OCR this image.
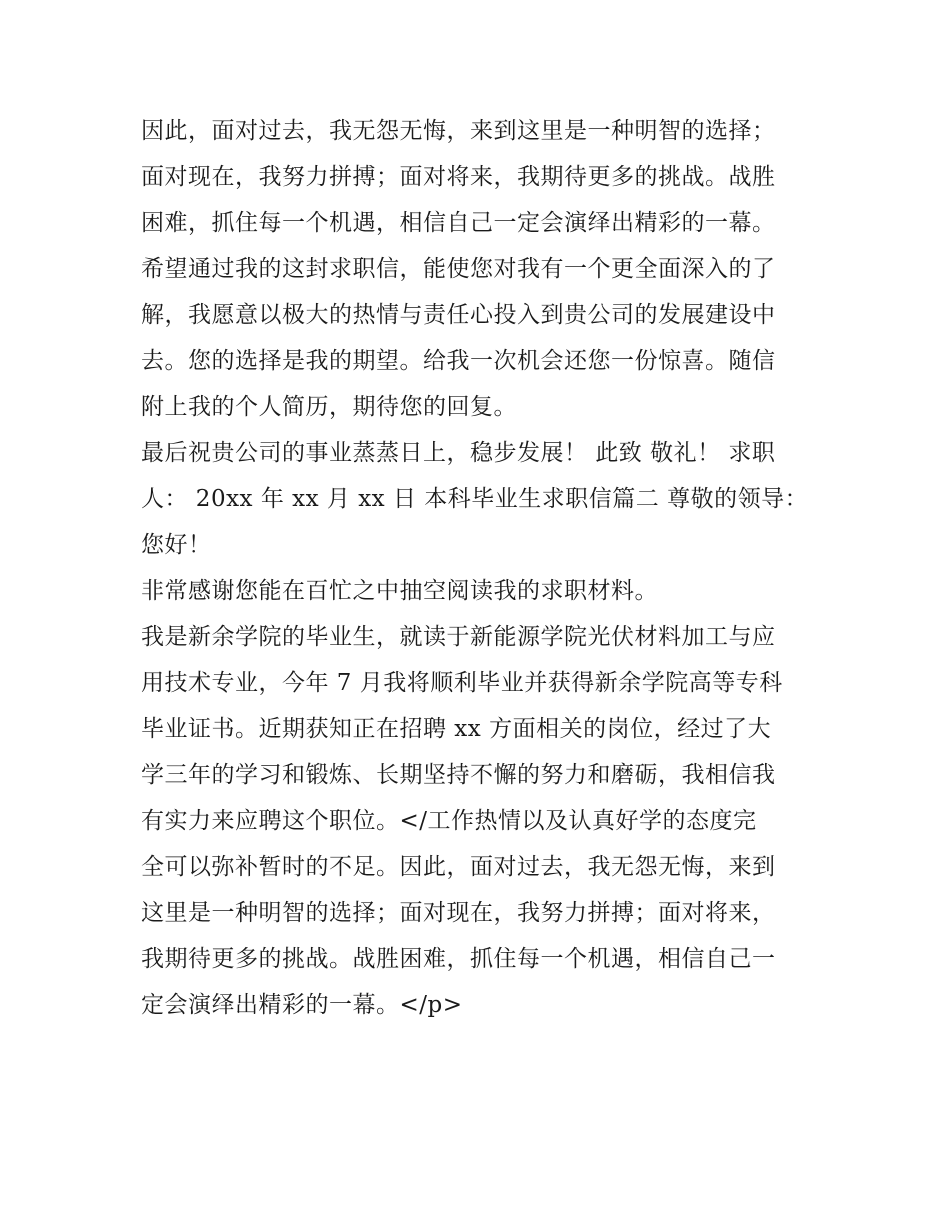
因此，面对过去，我无怨无悔，来到这里是一种明智的选择；
面对现在，我努力拼搏；面对将来，我期待更多的挑战。战胜
困难，抓住每一个机遇，相信自己一定会演绎出精彩的一幕。
希望通过我的这封求职信，能使您对我有一个更全面深入的了
解，我愿意以极大的热情与责任心投入到贵公司的发展建设中
去。您的选择是我的期望。给我一次机会还您一份惊喜。随信
附上我的个人简历，期待您的回复。
最后祝贵公司的事业蒸蒸日上，稳步发展！ 此致 敬礼！ 求职
人： 20xx 年 xx 月 xx 日 本科毕业生求职信篇二 尊敬的领导：
您好！
非常感谢您能在百忙之中抽空阅读我的求职材料。
我是新余学院的毕业生，就读于新能源学院光伏材料加工与应
用技术专业，今年 7 月我将顺利毕业并获得新余学院高等专科
毕业证书。近期获知正在招聘 xx 方面相关的岗位，经过了大
学三年的学习和锻炼、长期坚持不懈的努力和磨砺，我相信我
有实力来应聘这个职位。</工作热情以及认真好学的态度完
全可以弥补暂时的不足。因此，面对过去，我无怨无悔，来到
这里是一种明智的选择；面对现在，我努力拼搏；面对将来，
我期待更多的挑战。战胜困难，抓住每一个机遇，相信自己一
定会演绎出精彩的一幕。</p>
